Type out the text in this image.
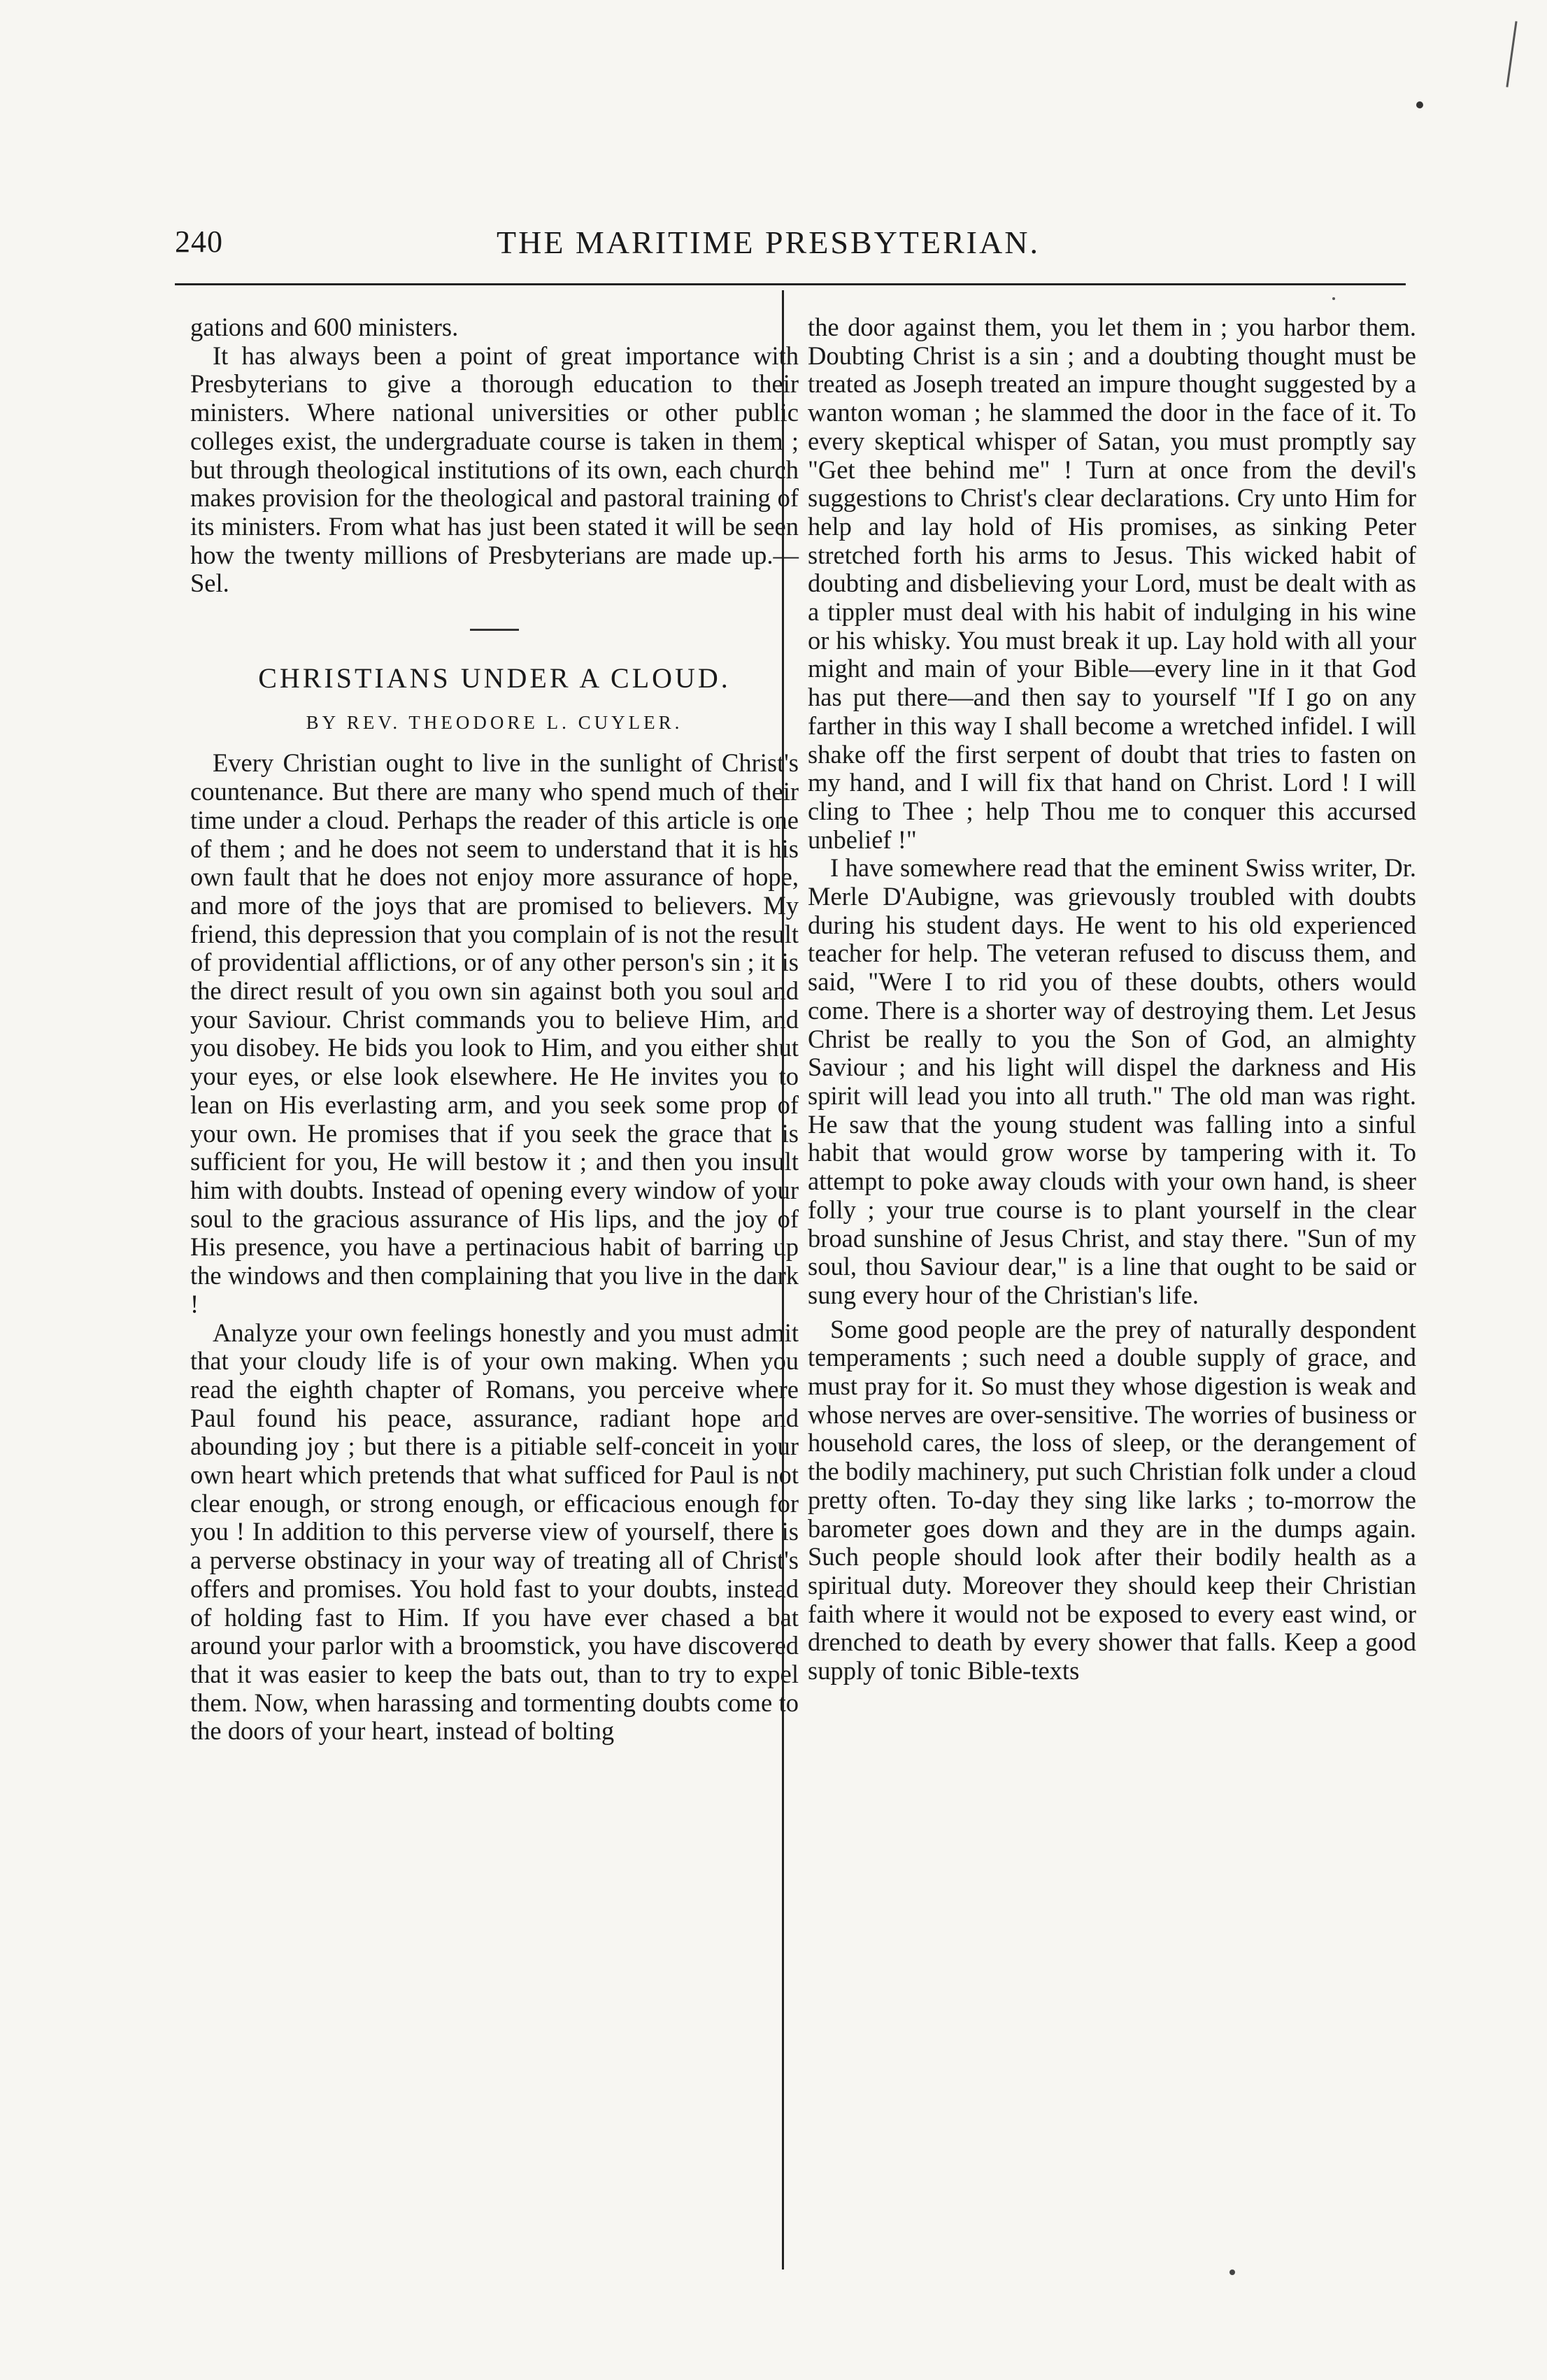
240	THE MARITIME PRESBYTERIAN.

gations and 600 ministers.

It has always been a point of great importance with Presbyterians to give a thorough education to their ministers. Where national universities or other public colleges exist, the undergraduate course is taken in them ; but through theological institutions of its own, each church makes provision for the theological and pastoral training of its ministers. From what has just been stated it will be seen how the twenty millions of Presbyterians are made up.—Sel.

CHRISTIANS UNDER A CLOUD.
BY REV. THEODORE L. CUYLER.

Every Christian ought to live in the sunlight of Christ's countenance. But there are many who spend much of their time under a cloud. Perhaps the reader of this article is one of them ; and he does not seem to understand that it is his own fault that he does not enjoy more assurance of hope, and more of the joys that are promised to believers. My friend, this depression that you complain of is not the result of providential afflictions, or of any other person's sin ; it is the direct result of you own sin against both you soul and your Saviour. Christ commands you to believe Him, and you disobey. He bids you look to Him, and you either shut your eyes, or else look elsewhere. He He invites you to lean on His everlasting arm, and you seek some prop of your own. He promises that if you seek the grace that is sufficient for you, He will bestow it ; and then you insult him with doubts. Instead of opening every window of your soul to the gracious assurance of His lips, and the joy of His presence, you have a pertinacious habit of barring up the windows and then complaining that you live in the dark !

Analyze your own feelings honestly and you must admit that your cloudy life is of your own making. When you read the eighth chapter of Romans, you perceive where Paul found his peace, assurance, radiant hope and abounding joy ; but there is a pitiable self-conceit in your own heart which pretends that what sufficed for Paul is not clear enough, or strong enough, or efficacious enough for you ! In addition to this perverse view of yourself, there is a perverse obstinacy in your way of treating all of Christ's offers and promises. You hold fast to your doubts, instead of holding fast to Him. If you have ever chased a bat around your parlor with a broomstick, you have discovered that it was easier to keep the bats out, than to try to expel them. Now, when harassing and tormenting doubts come to the doors of your heart, instead of bolting

the door against them, you let them in ; you harbor them. Doubting Christ is a sin ; and a doubting thought must be treated as Joseph treated an impure thought suggested by a wanton woman ; he slammed the door in the face of it. To every skeptical whisper of Satan, you must promptly say "Get thee behind me" ! Turn at once from the devil's suggestions to Christ's clear declarations. Cry unto Him for help and lay hold of His promises, as sinking Peter stretched forth his arms to Jesus. This wicked habit of doubting and disbelieving your Lord, must be dealt with as a tippler must deal with his habit of indulging in his wine or his whisky. You must break it up. Lay hold with all your might and main of your Bible—every line in it that God has put there—and then say to yourself "If I go on any farther in this way I shall become a wretched infidel. I will shake off the first serpent of doubt that tries to fasten on my hand, and I will fix that hand on Christ. Lord ! I will cling to Thee ; help Thou me to conquer this accursed unbelief !"

I have somewhere read that the eminent Swiss writer, Dr. Merle D'Aubigne, was grievously troubled with doubts during his student days. He went to his old experienced teacher for help. The veteran refused to discuss them, and said, "Were I to rid you of these doubts, others would come. There is a shorter way of destroying them. Let Jesus Christ be really to you the Son of God, an almighty Saviour ; and his light will dispel the darkness and His spirit will lead you into all truth." The old man was right. He saw that the young student was falling into a sinful habit that would grow worse by tampering with it. To attempt to poke away clouds with your own hand, is sheer folly ; your true course is to plant yourself in the clear broad sunshine of Jesus Christ, and stay there. "Sun of my soul, thou Saviour dear," is a line that ought to be said or sung every hour of the Christian's life.

Some good people are the prey of naturally despondent temperaments ; such need a double supply of grace, and must pray for it. So must they whose digestion is weak and whose nerves are over-sensitive. The worries of business or household cares, the loss of sleep, or the derangement of the bodily machinery, put such Christian folk under a cloud pretty often. To-day they sing like larks ; to-morrow the barometer goes down and they are in the dumps again. Such people should look after their bodily health as a spiritual duty. Moreover they should keep their Christian faith where it would not be exposed to every east wind, or drenched to death by every shower that falls. Keep a good supply of tonic Bible-texts
